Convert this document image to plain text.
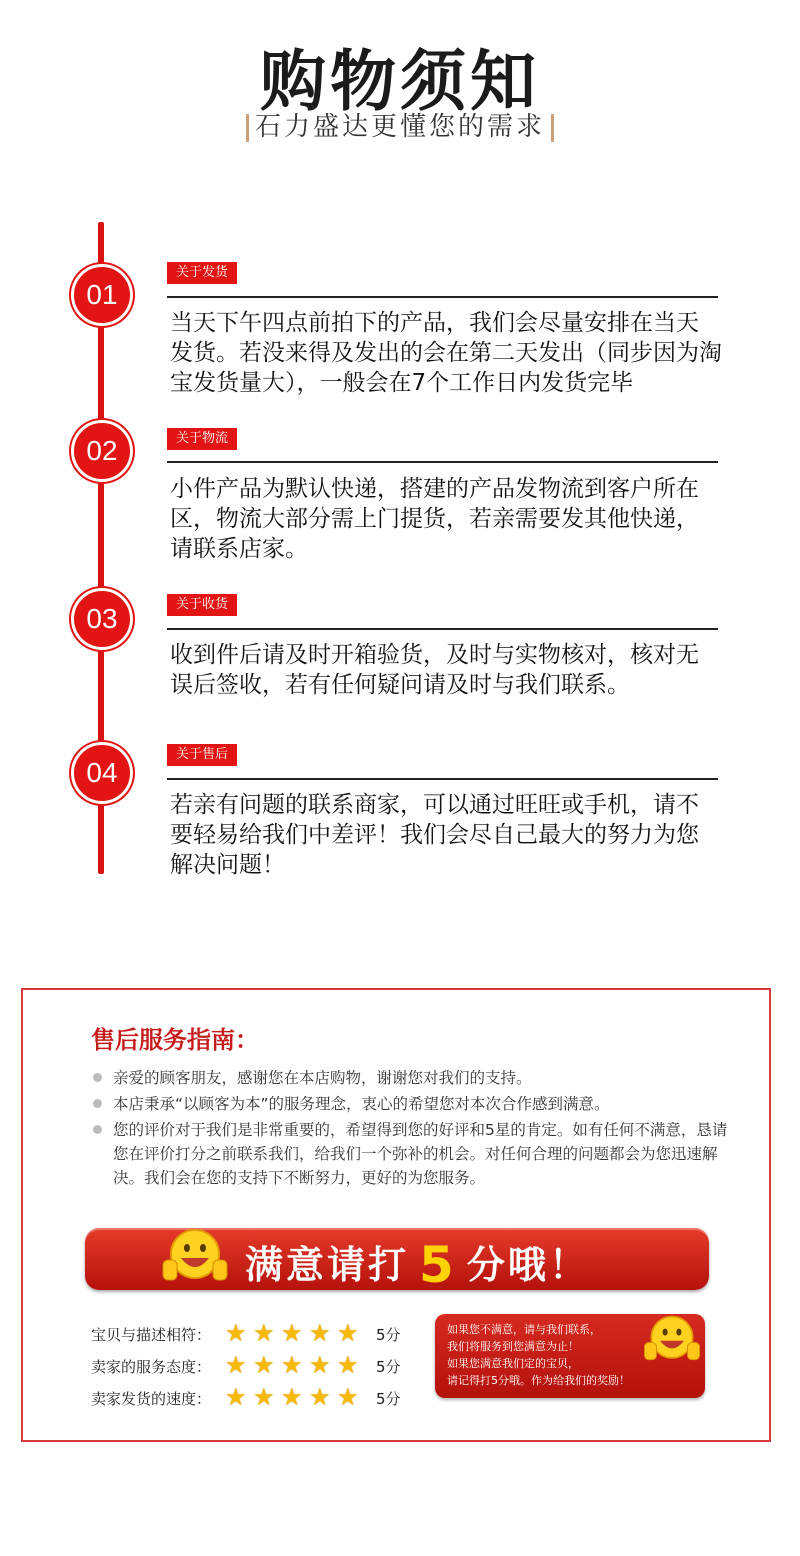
购物须知
石力盛达更懂您的需求
01
关于发货
当天下午四点前拍下的产品，我们会尽量安排在当天
发货。若没来得及发出的会在第二天发出（同步因为淘
宝发货量大），一般会在7个工作日内发货完毕
02	关于物流
小件产品为默认快递，搭建的产品发物流到客户所在
区，物流大部分需上门提货，若亲需要发其他快递，
请联系店家。
03	关于收货
收到件后请及时开箱验货，及时与实物核对，核对无
误后签收，若有任何疑问请及时与我们联系。
04
关于售后
若亲有问题的联系商家，可以通过旺旺或手机，请不
要轻易给我们中差评！我们会尽自己最大的努力为您
解决问题！
售后服务指南：
亲爱的顾客朋友，感谢您在本店购物，谢谢您对我们的支持。
本店秉承“以顾客为本”的服务理念，衷心的希望您对本次合作感到满意。
您的评价对于我们是非常重要的，希望得到您的好评和5星的肯定。如有任何不满意，恳请您在评价打分之前联系我们，给我们一个弥补的机会。对任何合理的问题都会为您迅速解决。我们会在您的支持下不断努力，更好的为您服务。
满意请打 5 分哦！
宝贝与描述相符： ★ ★ ★ ★ ★ 5分
卖家的服务态度： ★ ★ ★ ★ ★ 5分
卖家发货的速度： ★ ★ ★ ★ ★ 5分
如果您不满意，请与我们联系，
我们将服务到您满意为止！
如果您满意我们定的宝贝，
请记得打5分哦。作为给我们的奖励！
